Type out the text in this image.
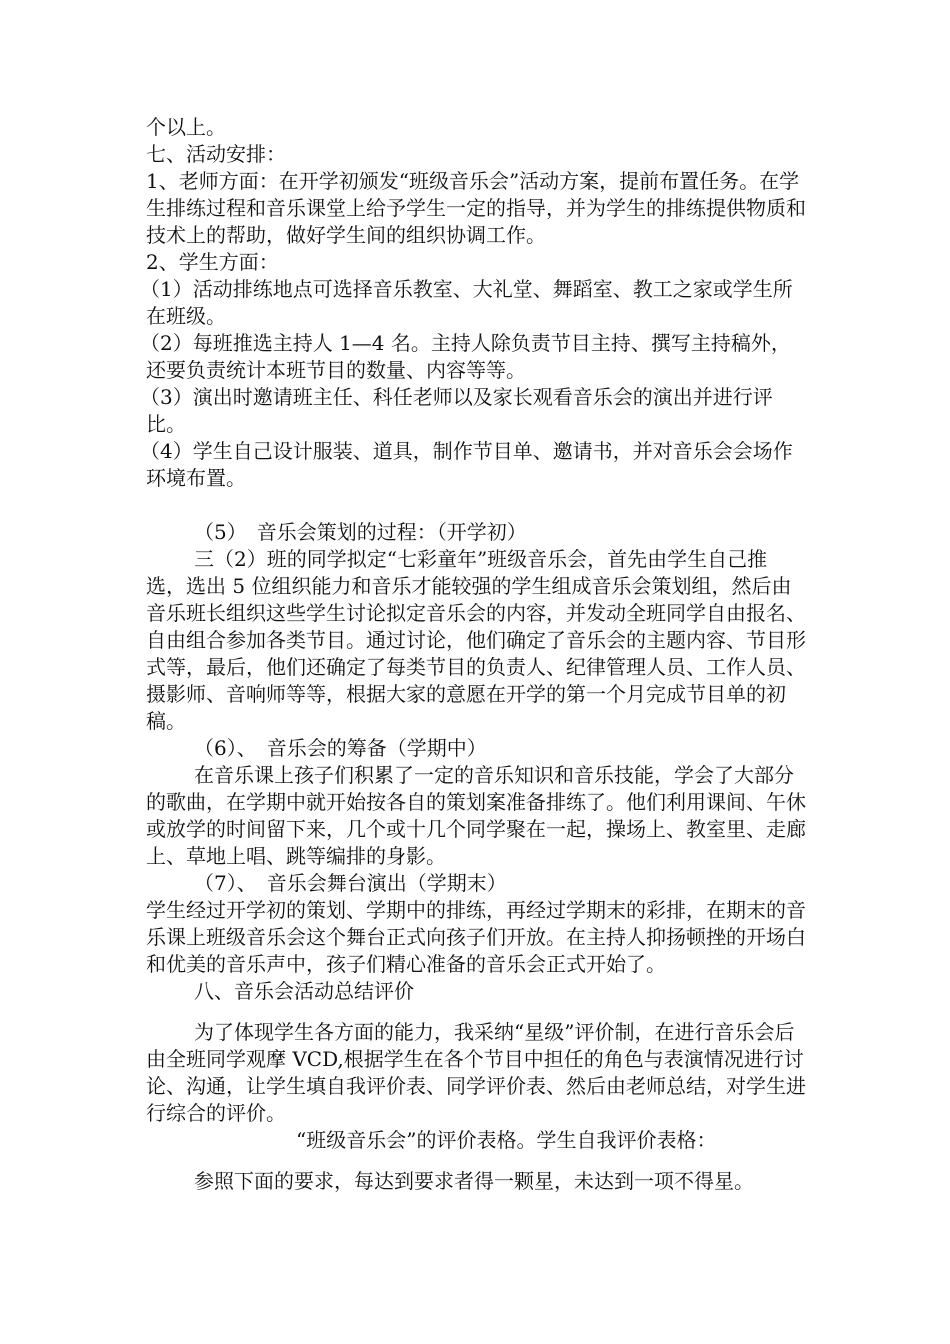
个以上。

七、活动安排：

1、老师方面：在开学初颁发“班级音乐会”活动方案，提前布置任务。在学生排练过程和音乐课堂上给予学生一定的指导，并为学生的排练提供物质和技术上的帮助，做好学生间的组织协调工作。

2、学生方面：

（1）活动排练地点可选择音乐教室、大礼堂、舞蹈室、教工之家或学生所在班级。

（2）每班推选主持人 1—4 名。主持人除负责节目主持、撰写主持稿外，还要负责统计本班节目的数量、内容等等。

（3）演出时邀请班主任、科任老师以及家长观看音乐会的演出并进行评比。

（4）学生自己设计服装、道具，制作节目单、邀请书，并对音乐会会场作环境布置。

（5）　音乐会策划的过程：（开学初）

三（2）班的同学拟定“七彩童年”班级音乐会，首先由学生自己推选，选出 5 位组织能力和音乐才能较强的学生组成音乐会策划组，然后由音乐班长组织这些学生讨论拟定音乐会的内容，并发动全班同学自由报名、自由组合参加各类节目。通过讨论，他们确定了音乐会的主题内容、节目形式等，最后，他们还确定了每类节目的负责人、纪律管理人员、工作人员、摄影师、音响师等等，根据大家的意愿在开学的第一个月完成节目单的初稿。

（6）、　音乐会的筹备（学期中）

在音乐课上孩子们积累了一定的音乐知识和音乐技能，学会了大部分的歌曲，在学期中就开始按各自的策划案准备排练了。他们利用课间、午休或放学的时间留下来，几个或十几个同学聚在一起，操场上、教室里、走廊上、草地上唱、跳等编排的身影。

（7）、　音乐会舞台演出（学期末）

学生经过开学初的策划、学期中的排练，再经过学期末的彩排，在期末的音乐课上班级音乐会这个舞台正式向孩子们开放。在主持人抑扬顿挫的开场白和优美的音乐声中，孩子们精心准备的音乐会正式开始了。

八、音乐会活动总结评价

为了体现学生各方面的能力，我采纳“星级”评价制，在进行音乐会后由全班同学观摩 VCD,根据学生在各个节目中担任的角色与表演情况进行讨论、沟通，让学生填自我评价表、同学评价表、然后由老师总结，对学生进行综合的评价。

“班级音乐会”的评价表格。学生自我评价表格：

参照下面的要求，每达到要求者得一颗星，未达到一项不得星。
